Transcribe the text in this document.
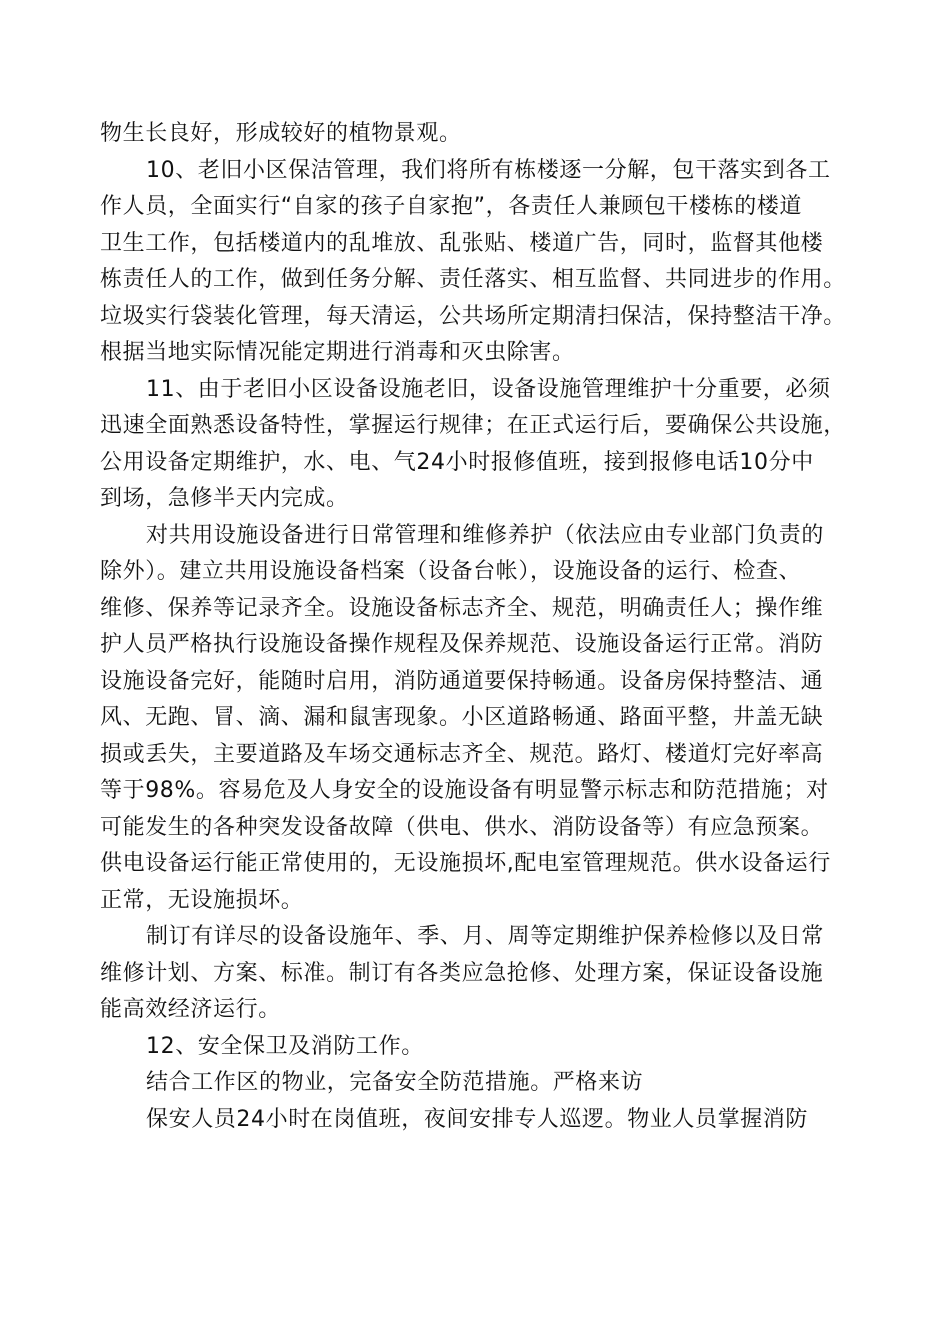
物生长良好，形成较好的植物景观。
10、老旧小区保洁管理，我们将所有栋楼逐一分解，包干落实到各工
作人员，全面实行“自家的孩子自家抱”，各责任人兼顾包干楼栋的楼道
卫生工作，包括楼道内的乱堆放、乱张贴、楼道广告，同时，监督其他楼
栋责任人的工作，做到任务分解、责任落实、相互监督、共同进步的作用。
垃圾实行袋装化管理，每天清运，公共场所定期清扫保洁，保持整洁干净。
根据当地实际情况能定期进行消毒和灭虫除害。
11、由于老旧小区设备设施老旧，设备设施管理维护十分重要，必须
迅速全面熟悉设备特性，掌握运行规律；在正式运行后，要确保公共设施，
公用设备定期维护，水、电、气24小时报修值班，接到报修电话10分中
到场，急修半天内完成。
对共用设施设备进行日常管理和维修养护（依法应由专业部门负责的
除外）。建立共用设施设备档案（设备台帐），设施设备的运行、检查、
维修、保养等记录齐全。设施设备标志齐全、规范，明确责任人；操作维
护人员严格执行设施设备操作规程及保养规范、设施设备运行正常。消防
设施设备完好，能随时启用，消防通道要保持畅通。设备房保持整洁、通
风、无跑、冒、滴、漏和鼠害现象。小区道路畅通、路面平整，井盖无缺
损或丢失，主要道路及车场交通标志齐全、规范。路灯、楼道灯完好率高
等于98%。容易危及人身安全的设施设备有明显警示标志和防范措施；对
可能发生的各种突发设备故障（供电、供水、消防设备等）有应急预案。
供电设备运行能正常使用的，无设施损坏,配电室管理规范。供水设备运行
正常，无设施损坏。
制订有详尽的设备设施年、季、月、周等定期维护保养检修以及日常
维修计划、方案、标准。制订有各类应急抢修、处理方案，保证设备设施
能高效经济运行。
12、安全保卫及消防工作。
结合工作区的物业，完备安全防范措施。严格来访
保安人员24小时在岗值班，夜间安排专人巡逻。物业人员掌握消防
